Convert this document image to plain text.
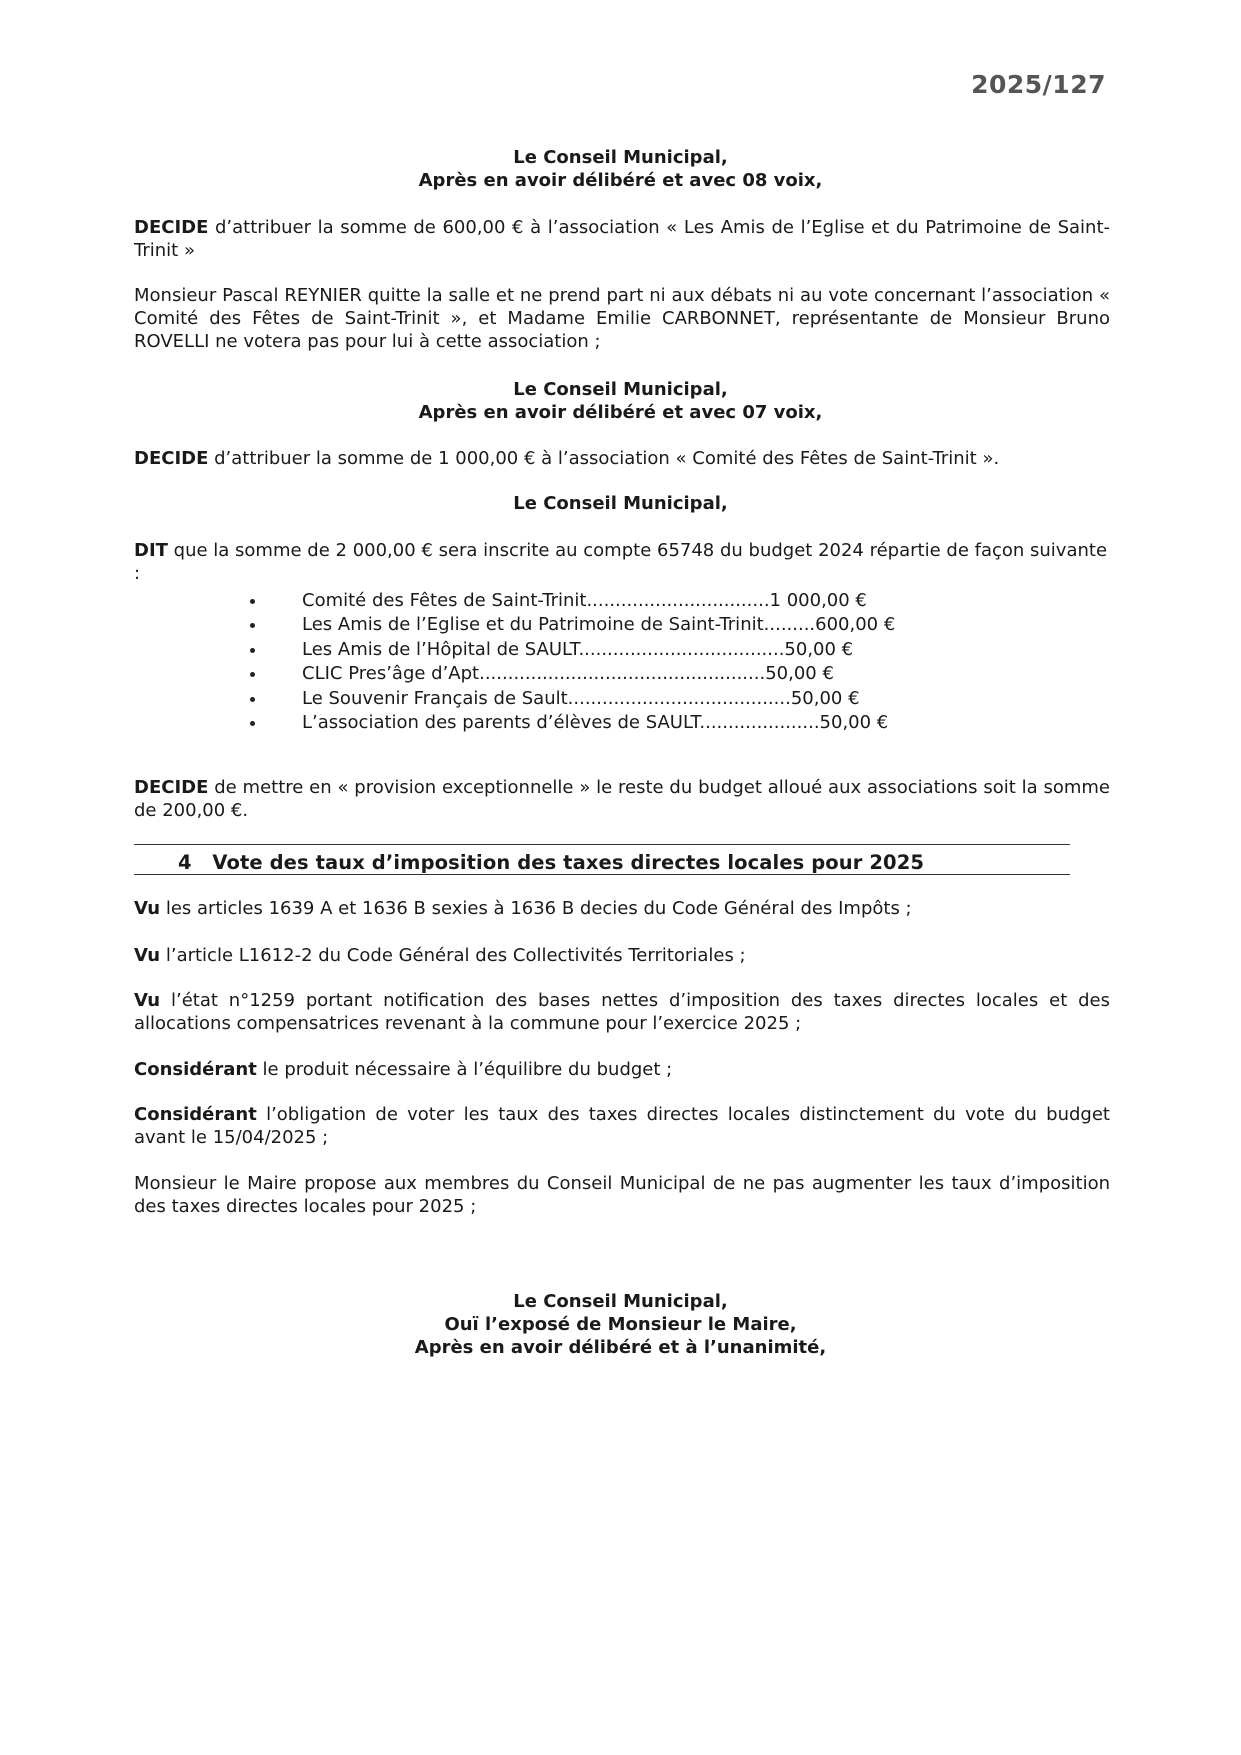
2025/127
Le Conseil Municipal,
Après en avoir délibéré et avec 08 voix,
DECIDE d’attribuer la somme de 600,00 € à l’association « Les Amis de l’Eglise et du Patrimoine de Saint-Trinit »
Monsieur Pascal REYNIER quitte la salle et ne prend part ni aux débats ni au vote concernant l’association « Comité des Fêtes de Saint-Trinit », et Madame Emilie CARBONNET, représentante de Monsieur Bruno ROVELLI ne votera pas pour lui à cette association ;
Le Conseil Municipal,
Après en avoir délibéré et avec 07 voix,
DECIDE d’attribuer la somme de 1 000,00 € à l’association « Comité des Fêtes de Saint-Trinit ».
Le Conseil Municipal,
DIT que la somme de 2 000,00 € sera inscrite au compte 65748 du budget 2024 répartie de façon suivante :
Comité des Fêtes de Saint-Trinit................................1 000,00 €
Les Amis de l’Eglise et du Patrimoine de Saint-Trinit.........600,00 €
Les Amis de l’Hôpital de SAULT....................................50,00 €
CLIC Pres’âge d’Apt..................................................50,00 €
Le Souvenir Français de Sault.......................................50,00 €
L’association des parents d’élèves de SAULT.....................50,00 €
DECIDE de mettre en « provision exceptionnelle » le reste du budget alloué aux associations soit la somme de 200,00 €.
4 Vote des taux d’imposition des taxes directes locales pour 2025
Vu les articles 1639 A et 1636 B sexies à 1636 B decies du Code Général des Impôts ;
Vu l’article L1612-2 du Code Général des Collectivités Territoriales ;
Vu l’état n°1259 portant notification des bases nettes d’imposition des taxes directes locales et des allocations compensatrices revenant à la commune pour l’exercice 2025 ;
Considérant le produit nécessaire à l’équilibre du budget ;
Considérant l’obligation de voter les taux des taxes directes locales distinctement du vote du budget avant le 15/04/2025 ;
Monsieur le Maire propose aux membres du Conseil Municipal de ne pas augmenter les taux d’imposition des taxes directes locales pour 2025 ;
Le Conseil Municipal,
Ouï l’exposé de Monsieur le Maire,
Après en avoir délibéré et à l’unanimité,
